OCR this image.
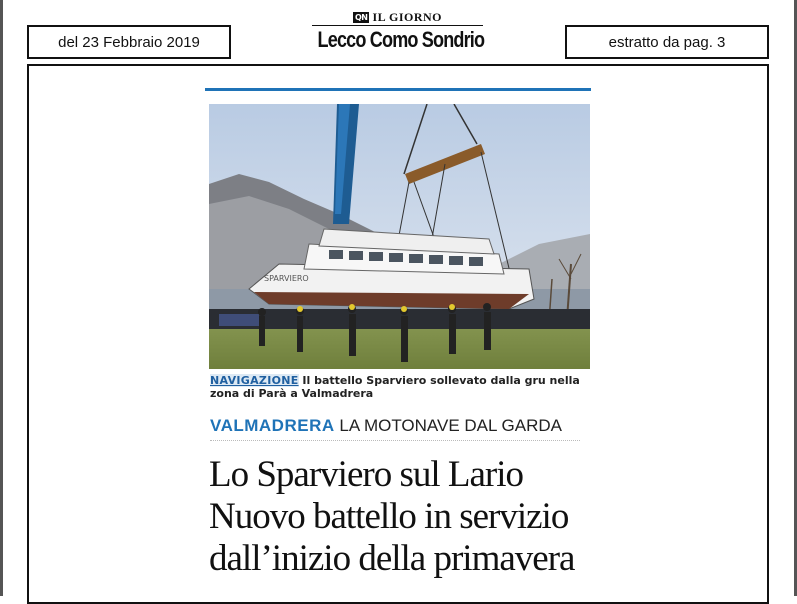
del 23 Febbraio 2019
QN IL GIORNO
Lecco Como Sondrio	estratto da pag. 3
SPARVIERO
NAVIGAZIONE Il battello Sparviero sollevato dalla gru nella zona di Parà a Valmadrera
VALMADRERA LA MOTONAVE DAL GARDA
Lo Sparviero sul Lario
Nuovo battello in servizio
dall’inizio della primavera
